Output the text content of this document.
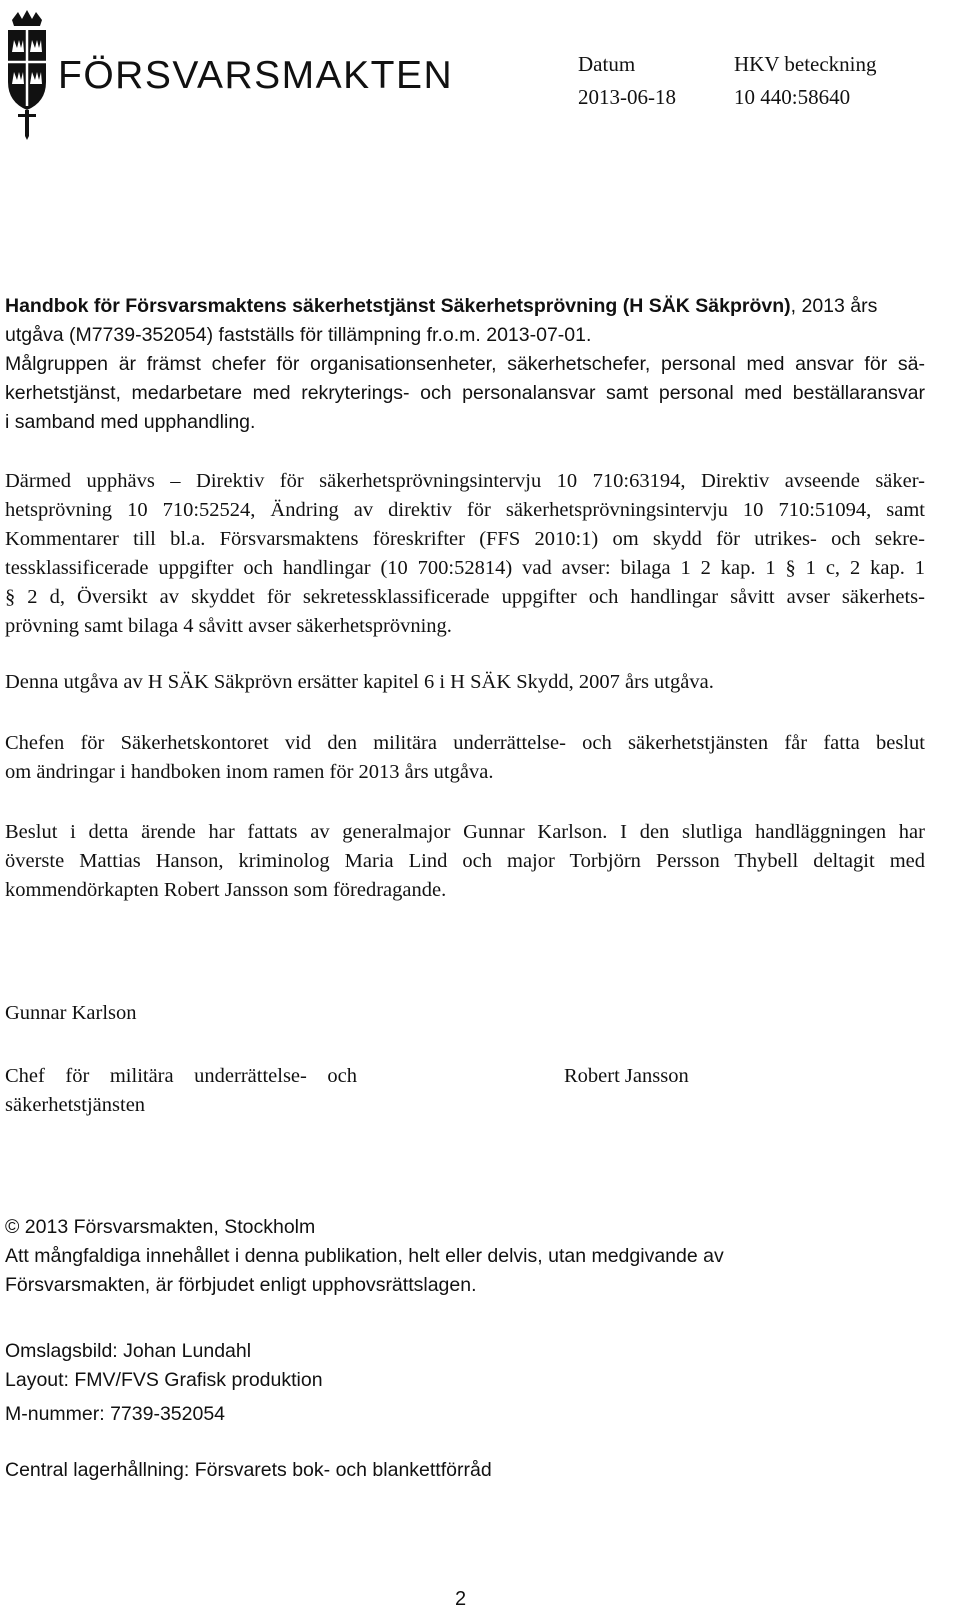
FÖRSVARSMAKTEN	Datum
2013-06-18
HKV beteckning
10 440:58640
Handbok för Försvarsmaktens säkerhetstjänst Säkerhetsprövning (H SÄK Säkprövn), 2013 års
utgåva (M7739-352054) fastställs för tillämpning fr.o.m. 2013-07-01.
Målgruppen är främst chefer för organisationsenheter, säkerhetschefer, personal med ansvar för sä-
kerhetstjänst, medarbetare med rekryterings- och personalansvar samt personal med beställaransvar
i samband med upphandling.
Därmed upphävs – Direktiv för säkerhetsprövningsintervju 10 710:63194, Direktiv avseende säker-
hetsprövning 10 710:52524, Ändring av direktiv för säkerhetsprövningsintervju 10 710:51094, samt
Kommentarer till bl.a. Försvarsmaktens föreskrifter (FFS 2010:1) om skydd för utrikes- och sekre-
tessklassificerade uppgifter och handlingar (10 700:52814) vad avser: bilaga 1 2 kap. 1 § 1 c, 2 kap. 1
§ 2 d, Översikt av skyddet för sekretessklassificerade uppgifter och handlingar såvitt avser säkerhets-
prövning samt bilaga 4 såvitt avser säkerhetsprövning.
Denna utgåva av H SÄK Säkprövn ersätter kapitel 6 i H SÄK Skydd, 2007 års utgåva.
Chefen för Säkerhetskontoret vid den militära underrättelse- och säkerhetstjänsten får fatta beslut
om ändringar i handboken inom ramen för 2013 års utgåva.
Beslut i detta ärende har fattats av generalmajor Gunnar Karlson. I den slutliga handläggningen har
överste Mattias Hanson, kriminolog Maria Lind och major Torbjörn Persson Thybell deltagit med
kommendörkapten Robert Jansson som föredragande.
Gunnar Karlson
Chef för militära underrättelse- och
säkerhetstjänsten
Robert Jansson
© 2013 Försvarsmakten, Stockholm
Att mångfaldiga innehållet i denna publikation, helt eller delvis, utan medgivande av
Försvarsmakten, är förbjudet enligt upphovsrättslagen.
Omslagsbild: Johan Lundahl
Layout: FMV/FVS Grafisk produktion
M-nummer: 7739-352054
Central lagerhållning: Försvarets bok- och blankettförråd
2
